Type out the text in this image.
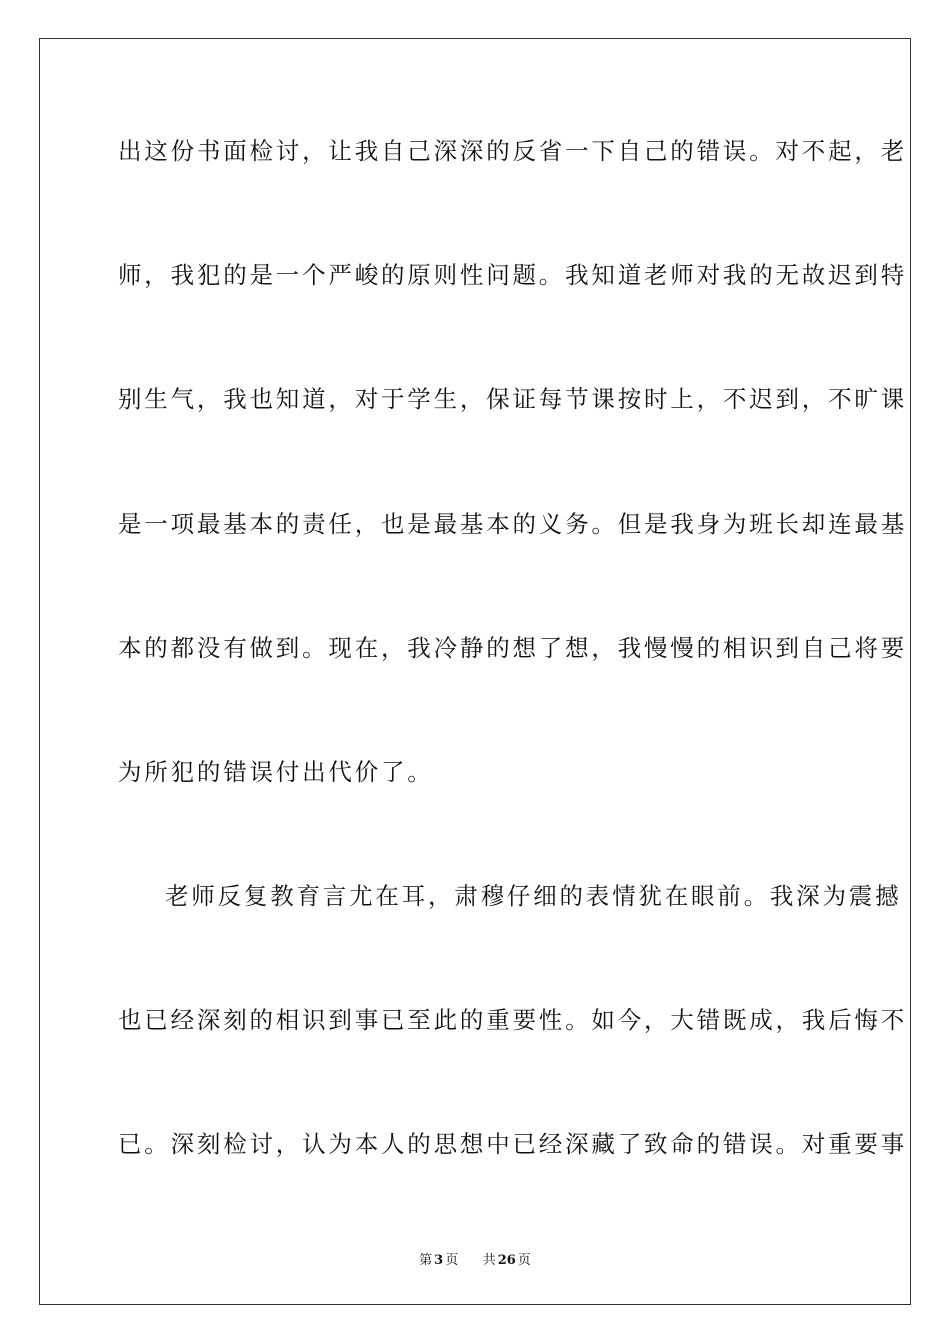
出这份书面检讨，让我自己深深的反省一下自己的错误。对不起，老
师，我犯的是一个严峻的原则性问题。我知道老师对我的无故迟到特
别生气，我也知道，对于学生，保证每节课按时上，不迟到，不旷课
是一项最基本的责任，也是最基本的义务。但是我身为班长却连最基
本的都没有做到。现在，我冷静的想了想，我慢慢的相识到自己将要
为所犯的错误付出代价了。
老师反复教育言尤在耳，肃穆仔细的表情犹在眼前。我深为震撼
也已经深刻的相识到事已至此的重要性。如今，大错既成，我后悔不
已。深刻检讨，认为本人的思想中已经深藏了致命的错误。对重要事
第 3 页 共 26 页
